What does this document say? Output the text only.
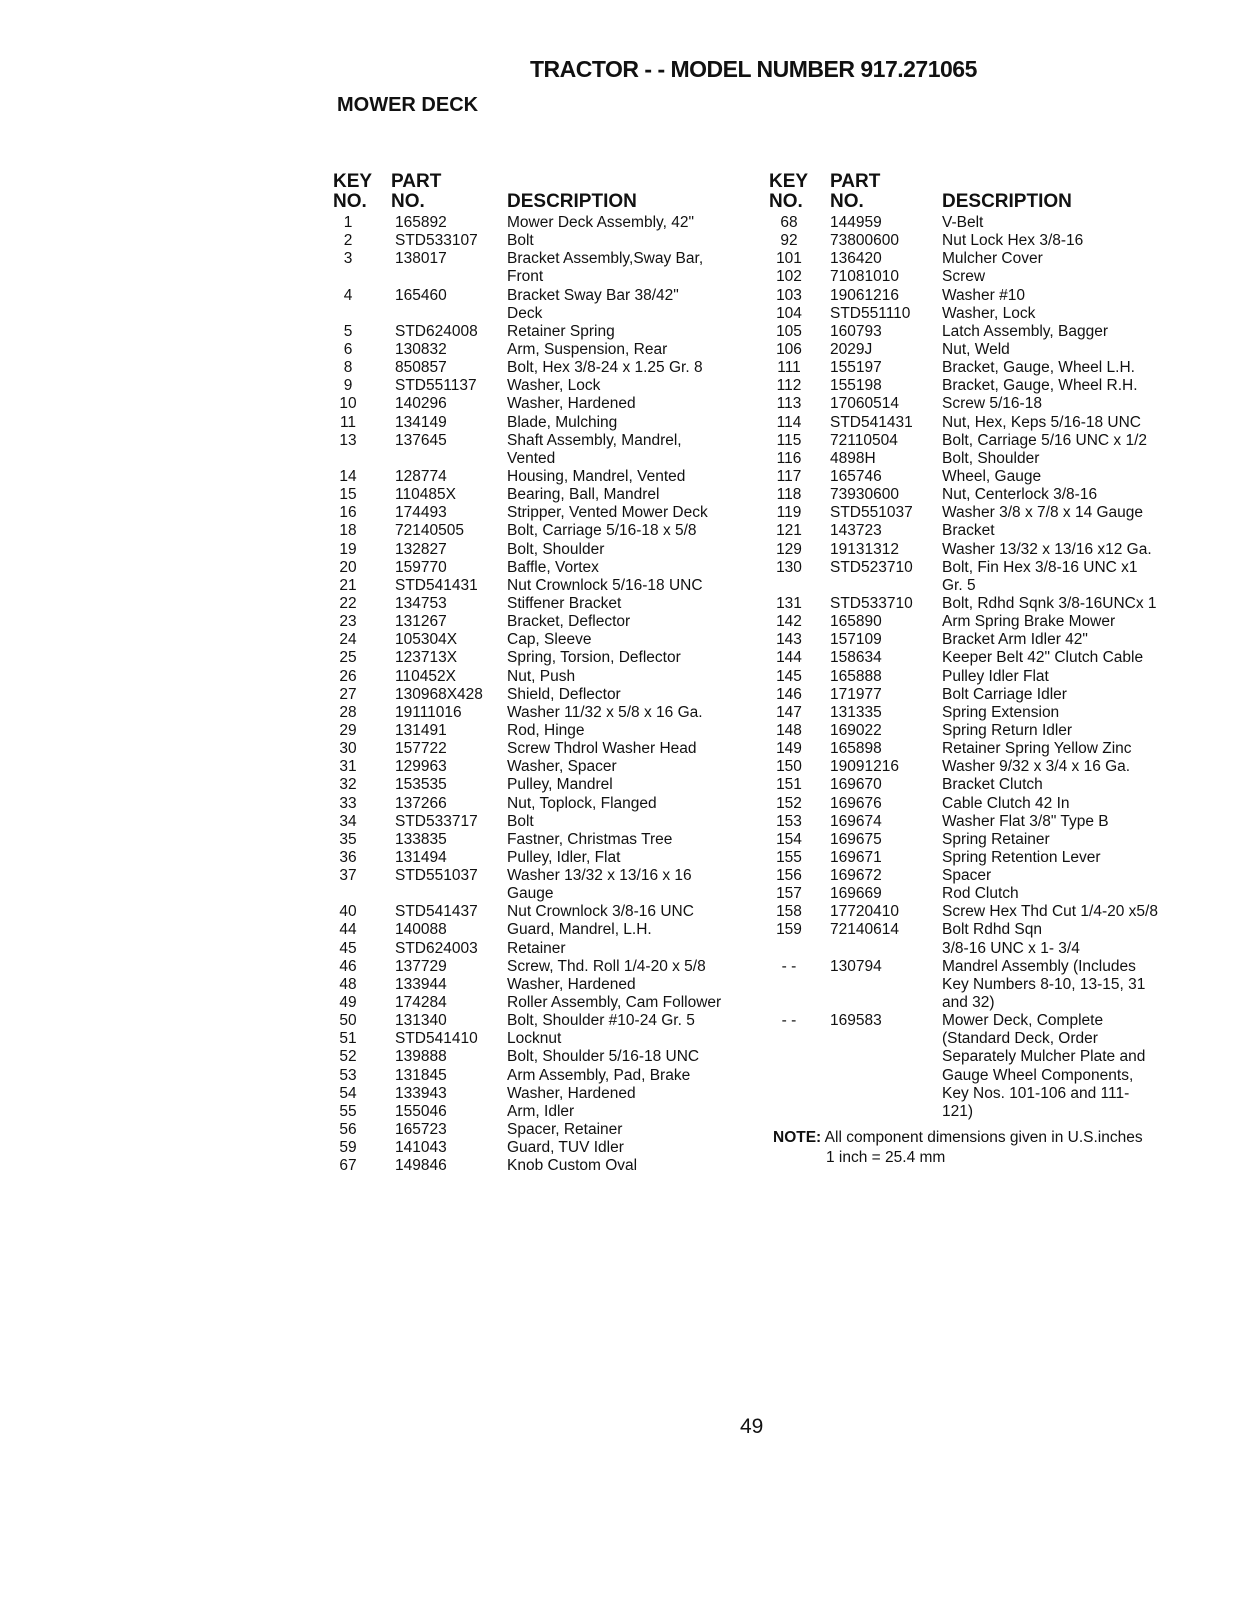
TRACTOR - - MODEL NUMBER 917.271065
MOWER DECK
KEY
NO.
PART
NO.	DESCRIPTION
1	165892	Mower Deck Assembly, 42"
2	STD533107 Bolt
3	138017	Bracket Assembly,Sway Bar,
Front
4	165460	Bracket Sway Bar 38/42"
Deck
5	STD624008 Retainer Spring
6	130832	Arm, Suspension, Rear
8	850857	Bolt, Hex 3/8-24 x 1.25 Gr. 8
9	STD551137 Washer, Lock
10	140296	Washer, Hardened
11	134149	Blade, Mulching
13	137645	Shaft Assembly, Mandrel,
Vented
14	128774	Housing, Mandrel, Vented
15	110485X	Bearing, Ball, Mandrel
16	174493	Stripper, Vented Mower Deck
18	72140505	Bolt, Carriage 5/16-18 x 5/8
19	132827	Bolt, Shoulder
20	159770	Baffle, Vortex
21	STD541431 Nut Crownlock 5/16-18 UNC
22	134753	Stiffener Bracket
23	131267	Bracket, Deflector
24	105304X	Cap, Sleeve
25	123713X	Spring, Torsion, Deflector
26	110452X	Nut, Push
27	130968X428 Shield, Deflector
28	19111016	Washer 11/32 x 5/8 x 16 Ga.
29	131491	Rod, Hinge
30	157722	Screw Thdrol Washer Head
31	129963	Washer, Spacer
32	153535	Pulley, Mandrel
33	137266	Nut, Toplock, Flanged
34	STD533717 Bolt
35	133835	Fastner, Christmas Tree
36	131494	Pulley, Idler, Flat
37	STD551037 Washer 13/32 x 13/16 x 16
Gauge
40	STD541437 Nut Crownlock 3/8-16 UNC
44	140088	Guard, Mandrel, L.H.
45	STD624003 Retainer
46	137729	Screw, Thd. Roll 1/4-20 x 5/8
48	133944	Washer, Hardened
49	174284	Roller Assembly, Cam Follower
50	131340	Bolt, Shoulder #10-24 Gr. 5
51	STD541410 Locknut
52	139888	Bolt, Shoulder 5/16-18 UNC
53	131845	Arm Assembly, Pad, Brake
54	133943	Washer, Hardened
55	155046	Arm, Idler
56	165723	Spacer, Retainer
59	141043	Guard, TUV Idler
67	149846	Knob Custom Oval
KEY
NO.
PART
NO.	DESCRIPTION
68	144959	V-Belt
92	73800600	Nut Lock Hex 3/8-16
101	136420	Mulcher Cover
102	71081010	Screw
103	19061216	Washer #10
104	STD551110 Washer, Lock
105	160793	Latch Assembly, Bagger
106	2029J	Nut, Weld
111	155197	Bracket, Gauge, Wheel L.H.
112	155198	Bracket, Gauge, Wheel R.H.
113	17060514	Screw 5/16-18
114	STD541431 Nut, Hex, Keps 5/16-18 UNC
115	72110504	Bolt, Carriage 5/16 UNC x 1/2
116	4898H	Bolt, Shoulder
117	165746	Wheel, Gauge
118	73930600	Nut, Centerlock 3/8-16
119	STD551037 Washer 3/8 x 7/8 x 14 Gauge
121	143723	Bracket
129	19131312	Washer 13/32 x 13/16 x12 Ga.
130	STD523710 Bolt, Fin Hex 3/8-16 UNC x1
Gr. 5
131	STD533710 Bolt, Rdhd Sqnk 3/8-16UNCx 1
142	165890	Arm Spring Brake Mower
143	157109	Bracket Arm Idler 42"
144	158634	Keeper Belt 42" Clutch Cable
145	165888	Pulley Idler Flat
146	171977	Bolt Carriage Idler
147	131335	Spring Extension
148	169022	Spring Return Idler
149	165898	Retainer Spring Yellow Zinc
150	19091216	Washer 9/32 x 3/4 x 16 Ga.
151	169670	Bracket Clutch
152	169676	Cable Clutch 42 In
153	169674	Washer Flat 3/8" Type B
154	169675	Spring Retainer
155	169671	Spring Retention Lever
156	169672	Spacer
157	169669	Rod Clutch
158	17720410	Screw Hex Thd Cut 1/4-20 x5/8
159	72140614	Bolt Rdhd Sqn
3/8-16 UNC x 1- 3/4
- -	130794	Mandrel Assembly (Includes
Key Numbers 8-10, 13-15, 31
and 32)
- -	169583	Mower Deck, Complete
(Standard Deck, Order
Separately Mulcher Plate and
Gauge Wheel Components,
Key Nos. 101-106 and 111-
121)
NOTE: All component dimensions given in U.S.inches
1 inch = 25.4 mm
49
